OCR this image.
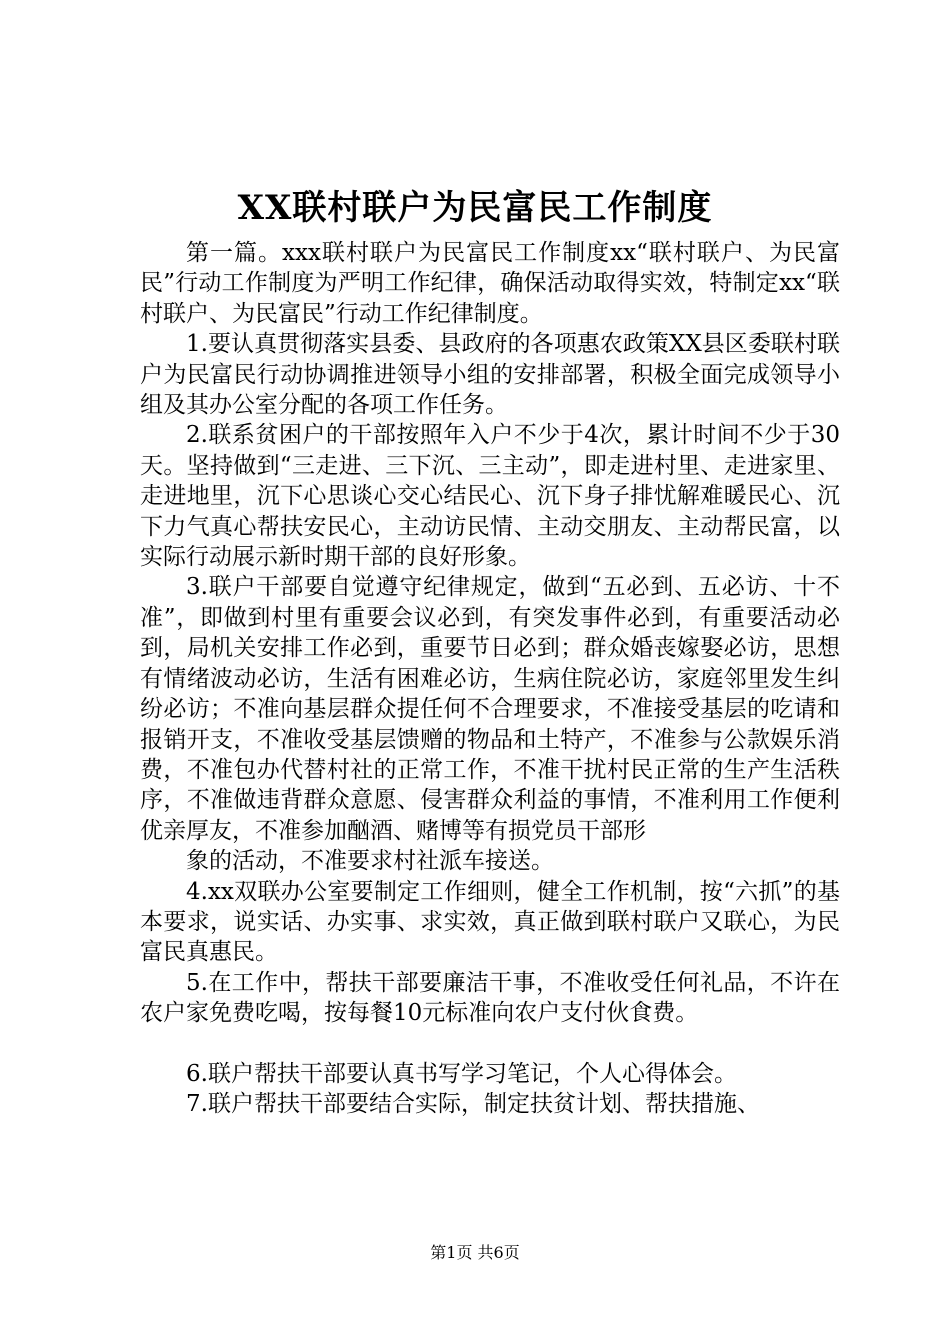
XX联村联户为民富民工作制度

第一篇。xxx联村联户为民富民工作制度xx“联村联户、为民富民”行动工作制度为严明工作纪律，确保活动取得实效，特制定xx“联村联户、为民富民”行动工作纪律制度。

1.要认真贯彻落实县委、县政府的各项惠农政策XX县区委联村联户为民富民行动协调推进领导小组的安排部署，积极全面完成领导小组及其办公室分配的各项工作任务。

2.联系贫困户的干部按照年入户不少于4次，累计时间不少于30天。坚持做到“三走进、三下沉、三主动”，即走进村里、走进家里、走进地里，沉下心思谈心交心结民心、沉下身子排忧解难暖民心、沉下力气真心帮扶安民心，主动访民情、主动交朋友、主动帮民富，以实际行动展示新时期干部的良好形象。

3.联户干部要自觉遵守纪律规定，做到“五必到、五必访、十不准”，即做到村里有重要会议必到，有突发事件必到，有重要活动必到，局机关安排工作必到，重要节日必到；群众婚丧嫁娶必访，思想有情绪波动必访，生活有困难必访，生病住院必访，家庭邻里发生纠纷必访；不准向基层群众提任何不合理要求，不准接受基层的吃请和报销开支，不准收受基层馈赠的物品和土特产，不准参与公款娱乐消费，不准包办代替村社的正常工作，不准干扰村民正常的生产生活秩序，不准做违背群众意愿、侵害群众利益的事情，不准利用工作便利优亲厚友，不准参加酗酒、赌博等有损党员干部形

象的活动，不准要求村社派车接送。

4.xx双联办公室要制定工作细则，健全工作机制，按“六抓”的基本要求，说实话、办实事、求实效，真正做到联村联户又联心，为民富民真惠民。

5.在工作中，帮扶干部要廉洁干事，不准收受任何礼品，不许在农户家免费吃喝，按每餐10元标准向农户支付伙食费。

6.联户帮扶干部要认真书写学习笔记，个人心得体会。

7.联户帮扶干部要结合实际，制定扶贫计划、帮扶措施、

第1页 共6页
